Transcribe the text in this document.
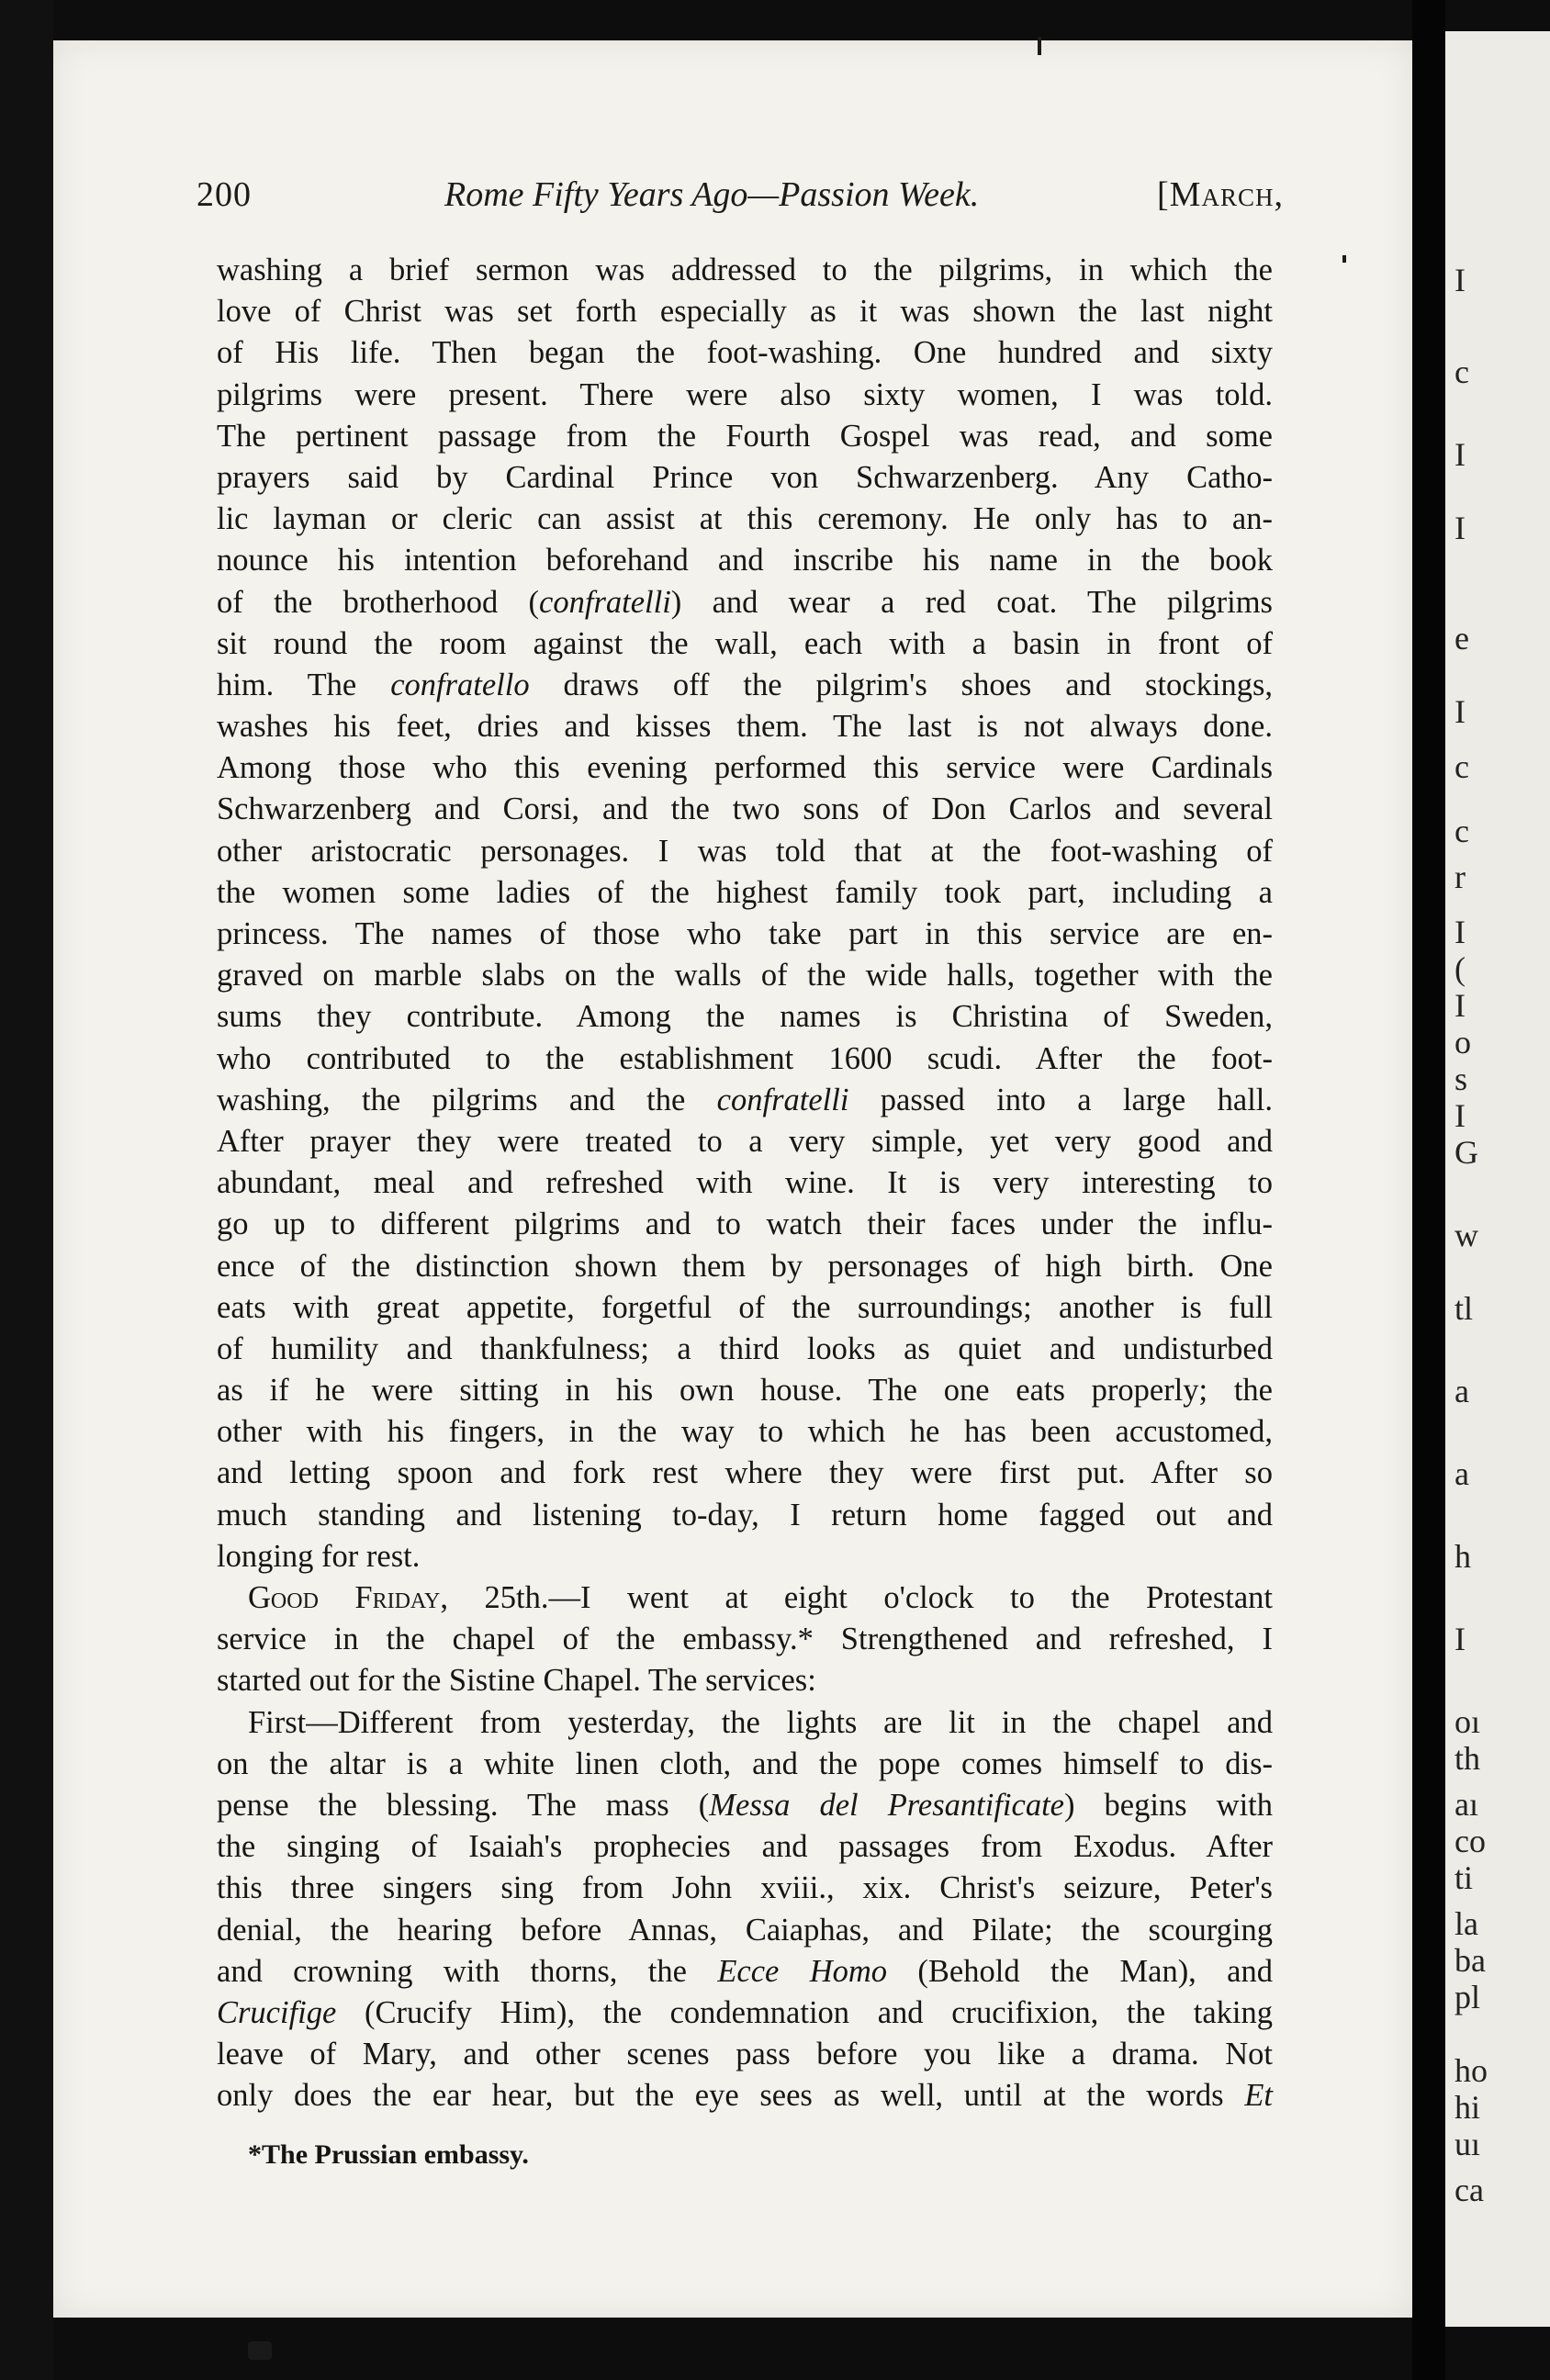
I
c
I
I
e
I
c
c
r
I
(
I
o
s
I
G
w
tl
a
a
h
I
oı
th
aı
co
ti
la
ba
pl
ho
hi
uı
ca
200	Rome Fifty Years Ago—Passion Week.	[March,
washing a brief sermon was addressed to the pilgrims, in which the
love of Christ was set forth especially as it was shown the last night
of His life. Then began the foot-washing. One hundred and sixty
pilgrims were present. There were also sixty women, I was told.
The pertinent passage from the Fourth Gospel was read, and some
prayers said by Cardinal Prince von Schwarzenberg. Any Catho-
lic layman or cleric can assist at this ceremony. He only has to an-
nounce his intention beforehand and inscribe his name in the book
of the brotherhood (confratelli) and wear a red coat. The pilgrims
sit round the room against the wall, each with a basin in front of
him. The confratello draws off the pilgrim's shoes and stockings,
washes his feet, dries and kisses them. The last is not always done.
Among those who this evening performed this service were Cardinals
Schwarzenberg and Corsi, and the two sons of Don Carlos and several
other aristocratic personages. I was told that at the foot-washing of
the women some ladies of the highest family took part, including a
princess. The names of those who take part in this service are en-
graved on marble slabs on the walls of the wide halls, together with the
sums they contribute. Among the names is Christina of Sweden,
who contributed to the establishment 1600 scudi. After the foot-
washing, the pilgrims and the confratelli passed into a large hall.
After prayer they were treated to a very simple, yet very good and
abundant, meal and refreshed with wine. It is very interesting to
go up to different pilgrims and to watch their faces under the influ-
ence of the distinction shown them by personages of high birth. One
eats with great appetite, forgetful of the surroundings; another is full
of humility and thankfulness; a third looks as quiet and undisturbed
as if he were sitting in his own house. The one eats properly; the
other with his fingers, in the way to which he has been accustomed,
and letting spoon and fork rest where they were first put. After so
much standing and listening to-day, I return home fagged out and
longing for rest.
Good Friday, 25th.—I went at eight o'clock to the Protestant
service in the chapel of the embassy.* Strengthened and refreshed, I
started out for the Sistine Chapel. The services:
First—Different from yesterday, the lights are lit in the chapel and
on the altar is a white linen cloth, and the pope comes himself to dis-
pense the blessing. The mass (Messa del Presantificate) begins with
the singing of Isaiah's prophecies and passages from Exodus. After
this three singers sing from John xviii., xix. Christ's seizure, Peter's
denial, the hearing before Annas, Caiaphas, and Pilate; the scourging
and crowning with thorns, the Ecce Homo (Behold the Man), and
Crucifige (Crucify Him), the condemnation and crucifixion, the taking
leave of Mary, and other scenes pass before you like a drama. Not
only does the ear hear, but the eye sees as well, until at the words Et
*The Prussian embassy.
